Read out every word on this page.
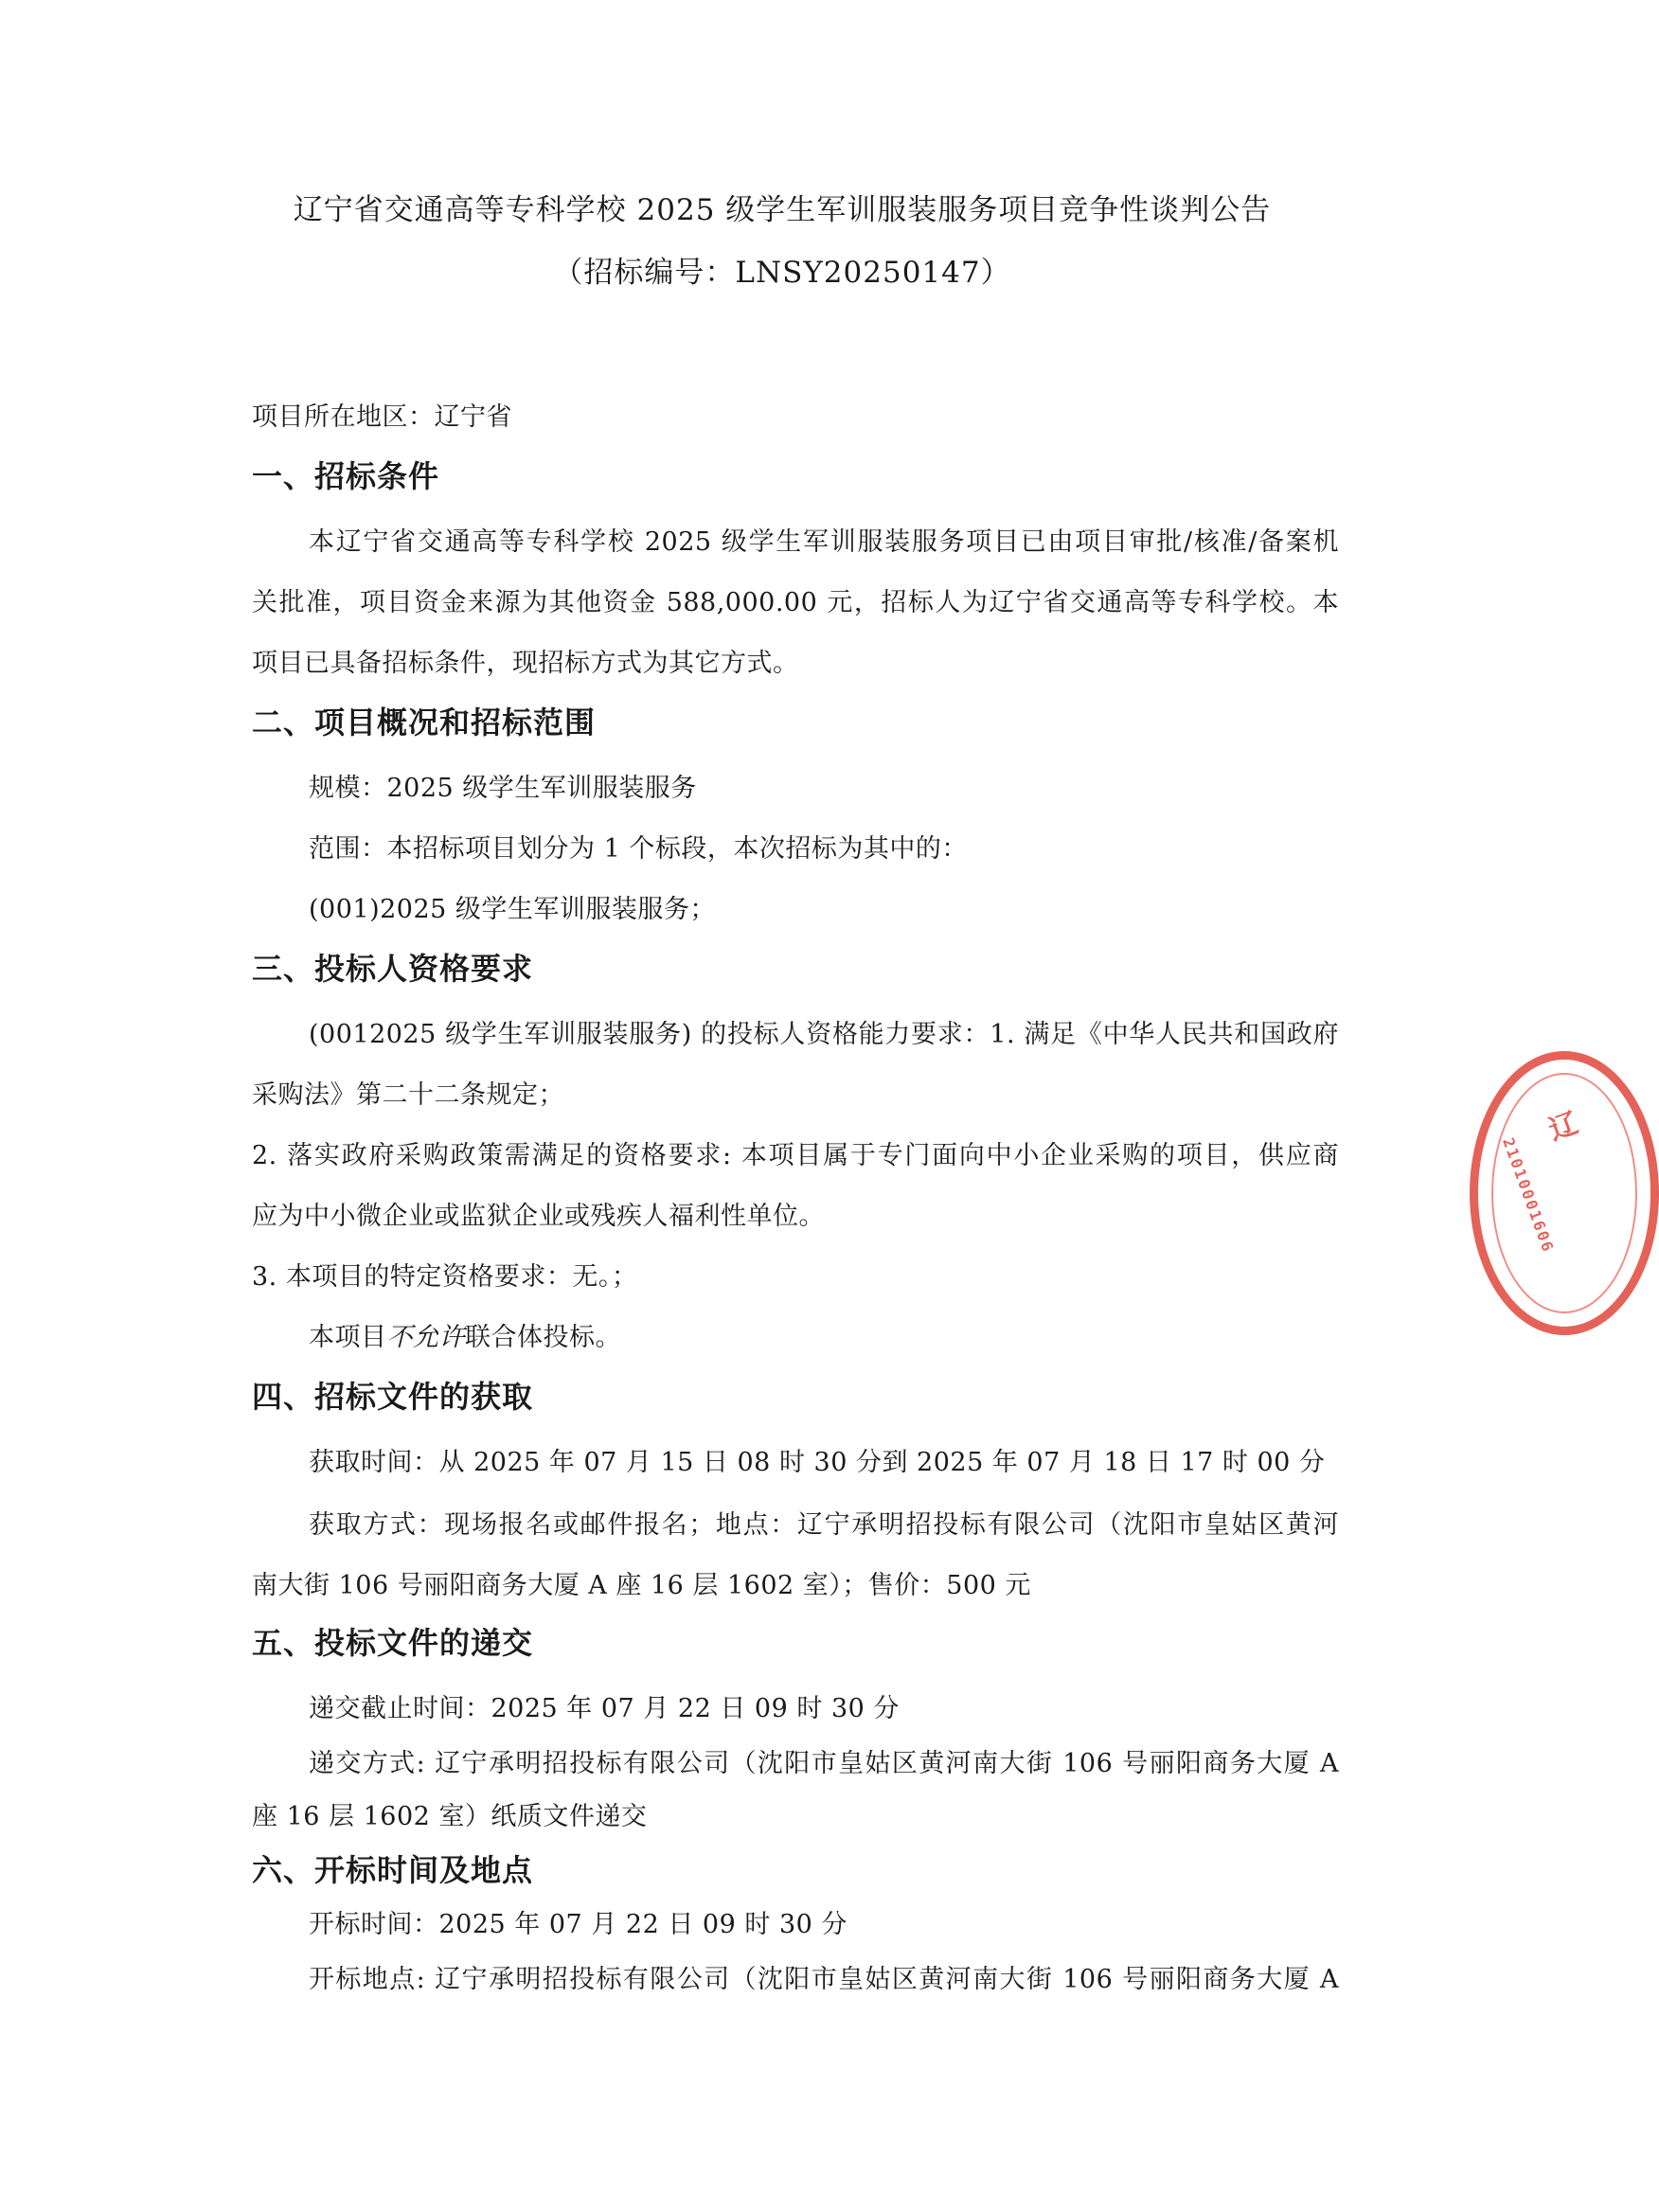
辽宁省交通高等专科学校 2025 级学生军训服装服务项目竞争性谈判公告
（招标编号：LNSY20250147）
项目所在地区：辽宁省
一、招标条件
本辽宁省交通高等专科学校 2025 级学生军训服装服务项目已由项目审批/核准/备案机
关批准，项目资金来源为其他资金 588,000.00 元，招标人为辽宁省交通高等专科学校。本
项目已具备招标条件，现招标方式为其它方式。
二、项目概况和招标范围
规模：2025 级学生军训服装服务
范围：本招标项目划分为 1 个标段，本次招标为其中的：
(001)2025 级学生军训服装服务；
三、投标人资格要求
(0012025 级学生军训服装服务) 的投标人资格能力要求：1. 满足《中华人民共和国政府
采购法》第二十二条规定；
2. 落实政府采购政策需满足的资格要求: 本项目属于专门面向中小企业采购的项目，供应商
应为中小微企业或监狱企业或残疾人福利性单位。
3. 本项目的特定资格要求：无。；
本项目不允许联合体投标。
四、招标文件的获取
获取时间：从 2025 年 07 月 15 日 08 时 30 分到 2025 年 07 月 18 日 17 时 00 分
获取方式：现场报名或邮件报名；地点：辽宁承明招投标有限公司（沈阳市皇姑区黄河
南大街 106 号丽阳商务大厦 A 座 16 层 1602 室）；售价：500 元
五、投标文件的递交
递交截止时间：2025 年 07 月 22 日 09 时 30 分
递交方式: 辽宁承明招投标有限公司（沈阳市皇姑区黄河南大街 106 号丽阳商务大厦 A
座 16 层 1602 室）纸质文件递交
六、开标时间及地点
开标时间：2025 年 07 月 22 日 09 时 30 分
开标地点: 辽宁承明招投标有限公司（沈阳市皇姑区黄河南大街 106 号丽阳商务大厦 A
辽
21010001606
